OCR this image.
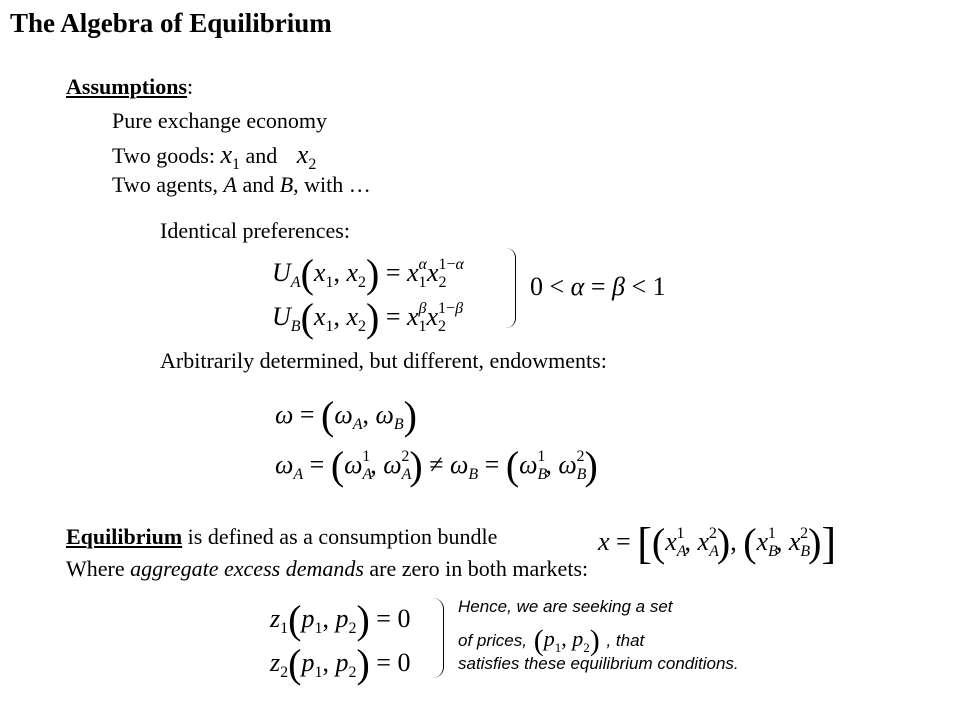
The Algebra of Equilibrium
Assumptions:
Pure exchange economy
Two goods: $x_1$ and $x_2$
Two agents, A and B, with …
Identical preferences:
$U_A(x_1$, $x_2) = x_1^\alpha x_2^{1-\alpha}$
$U_B(x_1$, $x_2) = x_1^\beta x_2^{1-\beta}$
0 < α = β < 1
Arbitrarily determined, but different, endowments:
$\omega = (\omega_A$, $\omega_B$)
$\omega_A = (\omega_A^1$, $\omega_A^2) \ne \omega_B = (\omega_B^1$, $\omega_B^2$)
Equilibrium is defined as a consumption bundle	$x = [(x_A^1$, $x_A^2$), ($x_B^1$, $x_B^2$)]
Where aggregate excess demands are zero in both markets:
$z_1(p_1$, $p_2) = 0$
$z_2(p_1$, $p_2) = 0$
Hence, we are seeking a set
of prices, ($p_1$, $p_2$) , that
satisfies these equilibrium conditions.
